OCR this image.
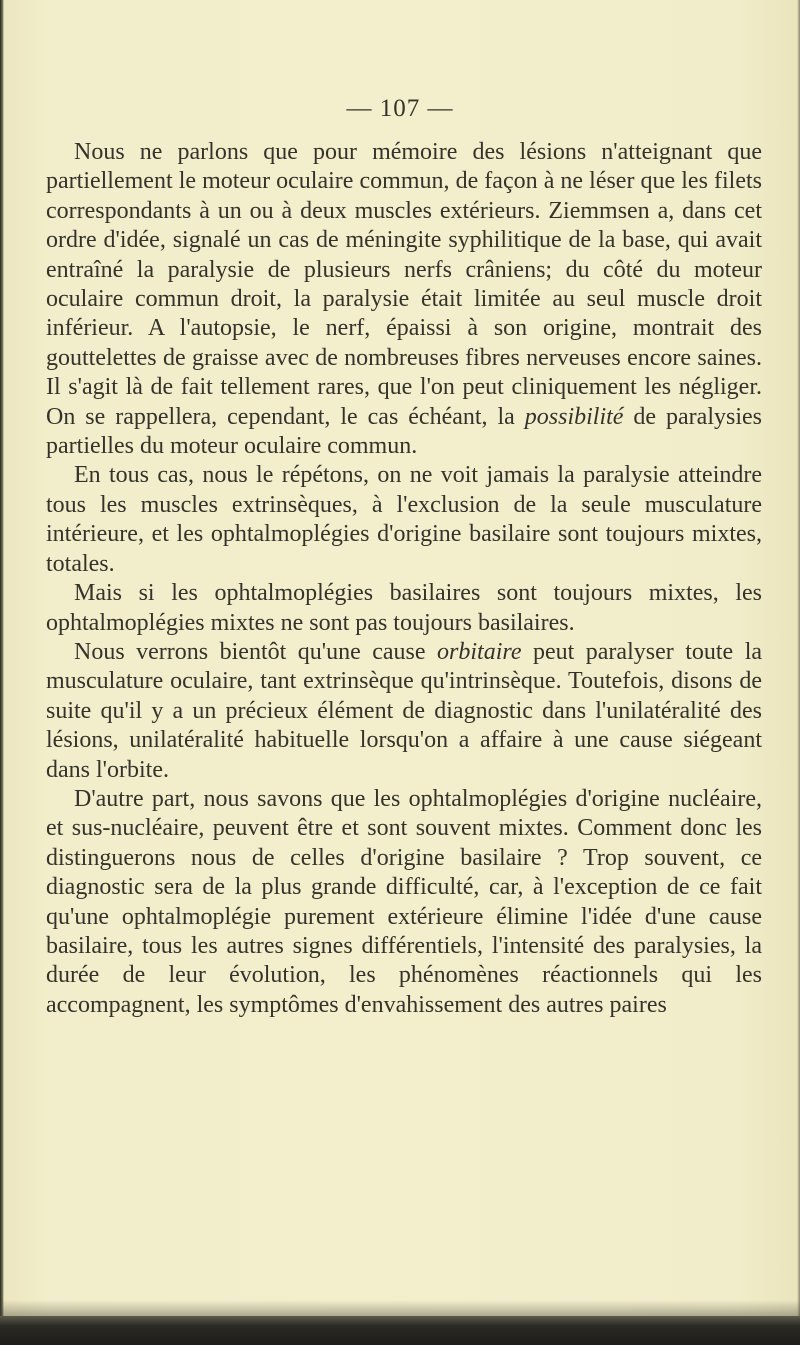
— 107 —

Nous ne parlons que pour mémoire des lésions n'atteignant que partiellement le moteur oculaire commun, de façon à ne léser que les filets correspondants à un ou à deux muscles extérieurs. Ziemmsen a, dans cet ordre d'idée, signalé un cas de méningite syphilitique de la base, qui avait entraîné la paralysie de plusieurs nerfs crâniens; du côté du moteur oculaire commun droit, la paralysie était limitée au seul muscle droit inférieur. A l'autopsie, le nerf, épaissi à son origine, montrait des gouttelettes de graisse avec de nombreuses fibres nerveuses encore saines. Il s'agit là de fait tellement rares, que l'on peut cliniquement les négliger. On se rappellera, cependant, le cas échéant, la possibilité de paralysies partielles du moteur oculaire commun.

En tous cas, nous le répétons, on ne voit jamais la paralysie atteindre tous les muscles extrinsèques, à l'exclusion de la seule musculature intérieure, et les ophtalmoplégies d'origine basilaire sont toujours mixtes, totales.

Mais si les ophtalmoplégies basilaires sont toujours mixtes, les ophtalmoplégies mixtes ne sont pas toujours basilaires.

Nous verrons bientôt qu'une cause orbitaire peut paralyser toute la musculature oculaire, tant extrinsèque qu'intrinsèque. Toutefois, disons de suite qu'il y a un précieux élément de diagnostic dans l'unilatéralité des lésions, unilatéralité habituelle lorsqu'on a affaire à une cause siégeant dans l'orbite.

D'autre part, nous savons que les ophtalmoplégies d'origine nucléaire, et sus-nucléaire, peuvent être et sont souvent mixtes. Comment donc les distinguerons nous de celles d'origine basilaire ? Trop souvent, ce diagnostic sera de la plus grande difficulté, car, à l'exception de ce fait qu'une ophtalmoplégie purement extérieure élimine l'idée d'une cause basilaire, tous les autres signes différentiels, l'intensité des paralysies, la durée de leur évolution, les phénomènes réactionnels qui les accompagnent, les symptômes d'envahissement des autres paires
